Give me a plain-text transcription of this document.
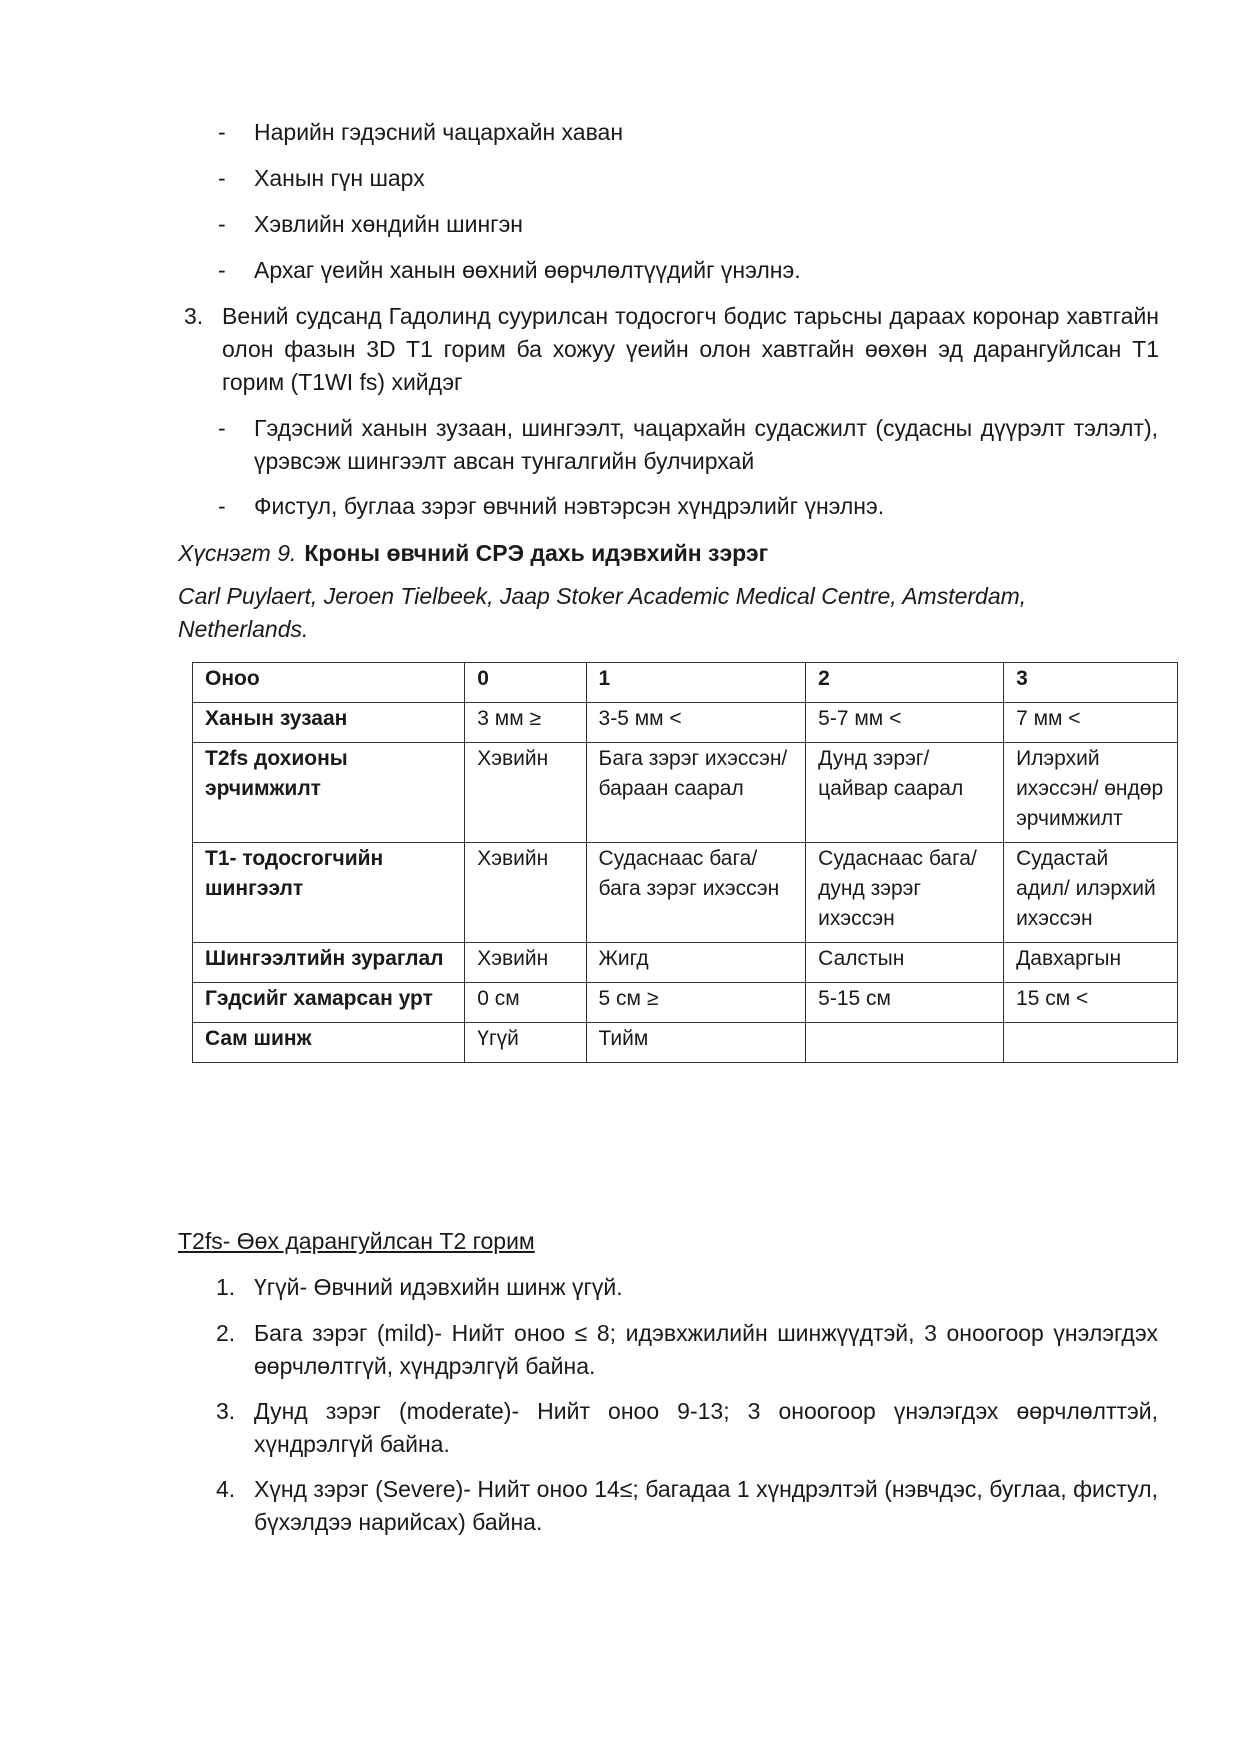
- Нарийн гэдэсний чацархайн хаван
- Ханын гүн шарх
- Хэвлийн хөндийн шингэн
- Архаг үеийн ханын өөхний өөрчлөлтүүдийг үнэлнэ.
3. Вений судсанд Гадолинд суурилсан тодосгогч бодис тарьсны дараах коронар хавтгайн олон фазын 3D T1 горим ба хожуу үеийн олон хавтгайн өөхөн эд дарангуйлсан T1 горим (T1WI fs) хийдэг
- Гэдэсний ханын зузаан, шингээлт, чацархайн судасжилт (судасны дүүрэлт тэлэлт), үрэвсэж шингээлт авсан тунгалгийн булчирхай
- Фистул, буглаа зэрэг өвчний нэвтэрсэн хүндрэлийг үнэлнэ.
Хүснэгт 9. Кроны өвчний СРЭ дахь идэвхийн зэрэг
Carl Puylaert, Jeroen Tielbeek, Jaap Stoker Academic Medical Centre, Amsterdam, Netherlands.
Оноо	0	1	2	3
Ханын зузаан	3 мм ≥	3-5 мм <	5-7 мм <	7 мм <
T2fs дохионы эрчимжилт	Хэвийн	Бага зэрэг ихэссэн/ бараан саарал	Дунд зэрэг/ цайвар саарал	Илэрхий ихэссэн/ өндөр эрчимжилт
T1- тодосгогчийн шингээлт	Хэвийн	Судаснаас бага/ бага зэрэг ихэссэн	Судаснаас бага/ дунд зэрэг ихэссэн	Судастай адил/ илэрхий ихэссэн
Шингээлтийн зураглал	Хэвийн	Жигд	Салстын	Давхаргын
Гэдсийг хамарсан урт	0 см	5 см ≥	5-15 см	15 см <
Сам шинж	Үгүй	Тийм		
T2fs- Өөх дарангуйлсан T2 горим
1. Үгүй- Өвчний идэвхийн шинж үгүй.
2. Бага зэрэг (mild)- Нийт оноо ≤ 8; идэвхжилийн шинжүүдтэй, 3 оноогоор үнэлэгдэх өөрчлөлтгүй, хүндрэлгүй байна.
3. Дунд зэрэг (moderate)- Нийт оноо 9-13; 3 оноогоор үнэлэгдэх өөрчлөлттэй, хүндрэлгүй байна.
4. Хүнд зэрэг (Severe)- Нийт оноо 14≤; багадаа 1 хүндрэлтэй (нэвчдэс, буглаа, фистул, бүхэлдээ нарийсах) байна.
